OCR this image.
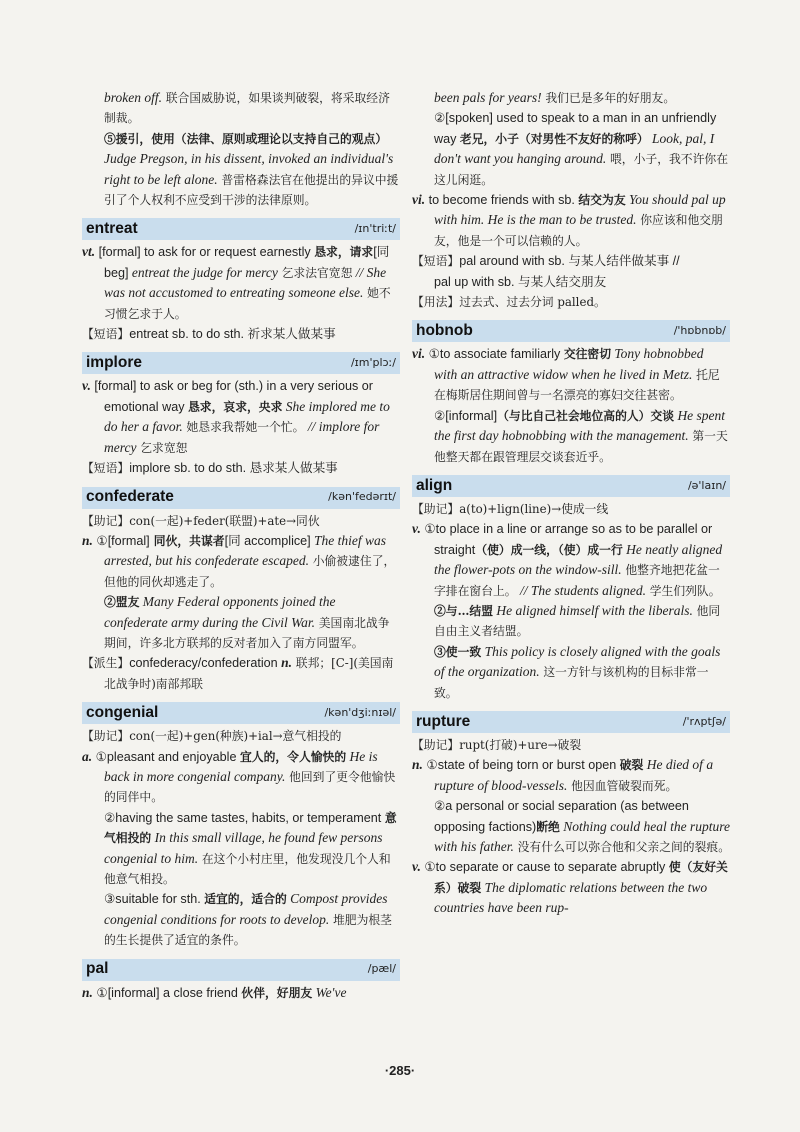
broken off. 联合国威胁说，如果谈判破裂，将采取经济制裁。

⑤援引，使用（法律、原则或理论以支持自己的观点） Judge Pregson, in his dissent, invoked an individual's right to be left alone. 普雷格森法官在他提出的异议中援引了个人权利不应受到干涉的法律原则。

entreat	/ɪn'triːt/

vt. [formal] to ask for or request earnestly 恳求，请求[同 beg] entreat the judge for mercy 乞求法官宽恕 // She was not accustomed to entreating someone else. 她不习惯乞求于人。

【短语】entreat sb. to do sth. 祈求某人做某事

implore	/ɪm'plɔː/

v. [formal] to ask or beg for (sth.) in a very serious or emotional way 恳求，哀求，央求 She implored me to do her a favor. 她恳求我帮她一个忙。 // implore for mercy 乞求宽恕

【短语】implore sb. to do sth. 恳求某人做某事

confederate	/kən'fedərɪt/

【助记】con(一起)+feder(联盟)+ate→同伙

n. ①[formal] 同伙，共谋者[同 accomplice] The thief was arrested, but his confederate escaped. 小偷被逮住了，但他的同伙却逃走了。

②盟友 Many Federal opponents joined the confederate army during the Civil War. 美国南北战争期间，许多北方联邦的反对者加入了南方同盟军。

【派生】confederacy/confederation n. 联邦；[C-](美国南北战争时)南部邦联

congenial	/kən'dʒiːnɪəl/

【助记】con(一起)+gen(种族)+ial→意气相投的

a. ①pleasant and enjoyable 宜人的，令人愉快的 He is back in more congenial company. 他回到了更令他愉快的同伴中。

②having the same tastes, habits, or temperament 意气相投的 In this small village, he found few persons congenial to him. 在这个小村庄里，他发现没几个人和他意气相投。

③suitable for sth. 适宜的，适合的 Compost provides congenial conditions for roots to develop. 堆肥为根茎的生长提供了适宜的条件。

pal	/pæl/

n. ①[informal] a close friend 伙伴，好朋友 We've

been pals for years! 我们已是多年的好朋友。

②[spoken] used to speak to a man in an unfriendly way 老兄，小子（对男性不友好的称呼） Look, pal, I don't want you hanging around. 喂，小子，我不许你在这儿闲逛。

vi. to become friends with sb. 结交为友 You should pal up with him. He is the man to be trusted. 你应该和他交朋友，他是一个可以信赖的人。

【短语】pal around with sb. 与某人结伴做某事 //

pal up with sb. 与某人结交朋友

【用法】过去式、过去分词 palled。

hobnob	/'hɒbnɒb/

vi. ①to associate familiarly 交往密切 Tony hobnobbed with an attractive widow when he lived in Metz. 托尼在梅斯居住期间曾与一名漂亮的寡妇交往甚密。

②[informal]（与比自己社会地位高的人）交谈 He spent the first day hobnobbing with the management. 第一天他整天都在跟管理层交谈套近乎。

align	/ə'laɪn/

【助记】a(to)+lign(line)→使成一线

v. ①to place in a line or arrange so as to be parallel or straight（使）成一线，（使）成一行 He neatly aligned the flower-pots on the window-sill. 他整齐地把花盆一字排在窗台上。 // The students aligned. 学生们列队。

②与…结盟 He aligned himself with the liberals. 他同自由主义者结盟。

③使一致 This policy is closely aligned with the goals of the organization. 这一方针与该机构的目标非常一致。

rupture	/'rʌptʃə/

【助记】rupt(打破)+ure→破裂

n. ①state of being torn or burst open 破裂 He died of a rupture of blood-vessels. 他因血管破裂而死。

②a personal or social separation (as between opposing factions)断绝 Nothing could heal the rupture with his father. 没有什么可以弥合他和父亲之间的裂痕。

v. ①to separate or cause to separate abruptly 使（友好关系）破裂 The diplomatic relations between the two countries have been rup-

·285·
